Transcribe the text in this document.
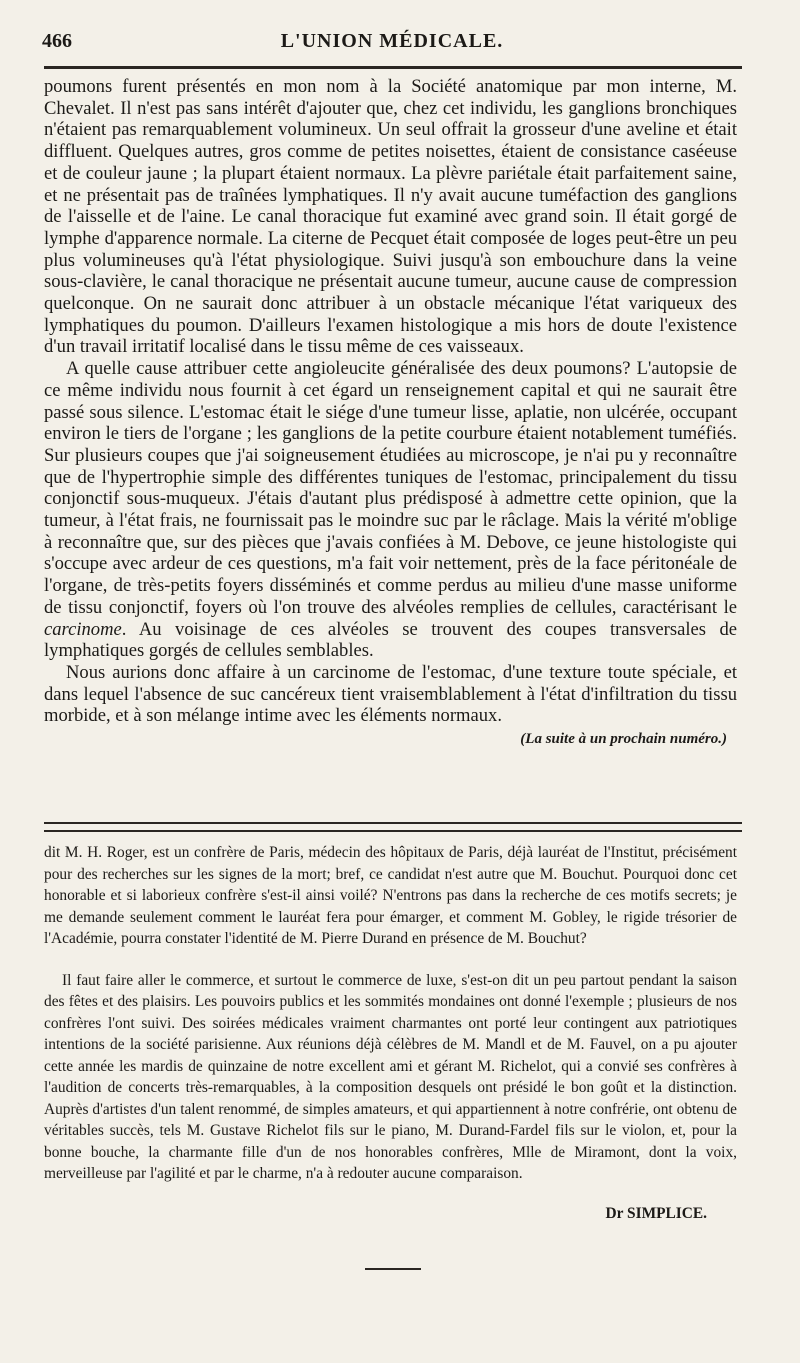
466	L'UNION MÉDICALE.

poumons furent présentés en mon nom à la Société anatomique par mon interne, M. Chevalet. Il n'est pas sans intérêt d'ajouter que, chez cet individu, les ganglions bronchiques n'étaient pas remarquablement volumineux. Un seul offrait la grosseur d'une aveline et était diffluent. Quelques autres, gros comme de petites noisettes, étaient de consistance caséeuse et de couleur jaune ; la plupart étaient normaux. La plèvre pariétale était parfaitement saine, et ne présentait pas de traînées lymphatiques. Il n'y avait aucune tuméfaction des ganglions de l'aisselle et de l'aine. Le canal thoracique fut examiné avec grand soin. Il était gorgé de lymphe d'apparence normale. La citerne de Pecquet était composée de loges peut-être un peu plus volumineuses qu'à l'état physiologique. Suivi jusqu'à son embouchure dans la veine sous-clavière, le canal thoracique ne présentait aucune tumeur, aucune cause de compression quelconque. On ne saurait donc attribuer à un obstacle mécanique l'état variqueux des lymphatiques du poumon. D'ailleurs l'examen histologique a mis hors de doute l'existence d'un travail irritatif localisé dans le tissu même de ces vaisseaux.

A quelle cause attribuer cette angioleucite généralisée des deux poumons? L'autopsie de ce même individu nous fournit à cet égard un renseignement capital et qui ne saurait être passé sous silence. L'estomac était le siége d'une tumeur lisse, aplatie, non ulcérée, occupant environ le tiers de l'organe ; les ganglions de la petite courbure étaient notablement tuméfiés. Sur plusieurs coupes que j'ai soigneusement étudiées au microscope, je n'ai pu y reconnaître que de l'hypertrophie simple des différentes tuniques de l'estomac, principalement du tissu conjonctif sous-muqueux. J'étais d'autant plus prédisposé à admettre cette opinion, que la tumeur, à l'état frais, ne fournissait pas le moindre suc par le râclage. Mais la vérité m'oblige à reconnaître que, sur des pièces que j'avais confiées à M. Debove, ce jeune histologiste qui s'occupe avec ardeur de ces questions, m'a fait voir nettement, près de la face péritonéale de l'organe, de très-petits foyers disséminés et comme perdus au milieu d'une masse uniforme de tissu conjonctif, foyers où l'on trouve des alvéoles remplies de cellules, caractérisant le carcinome. Au voisinage de ces alvéoles se trouvent des coupes transversales de lymphatiques gorgés de cellules semblables.

Nous aurions donc affaire à un carcinome de l'estomac, d'une texture toute spéciale, et dans lequel l'absence de suc cancéreux tient vraisemblablement à l'état d'infiltration du tissu morbide, et à son mélange intime avec les éléments normaux.

(La suite à un prochain numéro.)

dit M. H. Roger, est un confrère de Paris, médecin des hôpitaux de Paris, déjà lauréat de l'Institut, précisément pour des recherches sur les signes de la mort; bref, ce candidat n'est autre que M. Bouchut. Pourquoi donc cet honorable et si laborieux confrère s'est-il ainsi voilé? N'entrons pas dans la recherche de ces motifs secrets; je me demande seulement comment le lauréat fera pour émarger, et comment M. Gobley, le rigide trésorier de l'Académie, pourra constater l'identité de M. Pierre Durand en présence de M. Bouchut?

Il faut faire aller le commerce, et surtout le commerce de luxe, s'est-on dit un peu partout pendant la saison des fêtes et des plaisirs. Les pouvoirs publics et les sommités mondaines ont donné l'exemple ; plusieurs de nos confrères l'ont suivi. Des soirées médicales vraiment charmantes ont porté leur contingent aux patriotiques intentions de la société parisienne. Aux réunions déjà célèbres de M. Mandl et de M. Fauvel, on a pu ajouter cette année les mardis de quinzaine de notre excellent ami et gérant M. Richelot, qui a convié ses confrères à l'audition de concerts très-remarquables, à la composition desquels ont présidé le bon goût et la distinction. Auprès d'artistes d'un talent renommé, de simples amateurs, et qui appartiennent à notre confrérie, ont obtenu de véritables succès, tels M. Gustave Richelot fils sur le piano, M. Durand-Fardel fils sur le violon, et, pour la bonne bouche, la charmante fille d'un de nos honorables confrères, Mlle de Miramont, dont la voix, merveilleuse par l'agilité et par le charme, n'a à redouter aucune comparaison.

Dr SIMPLICE.
